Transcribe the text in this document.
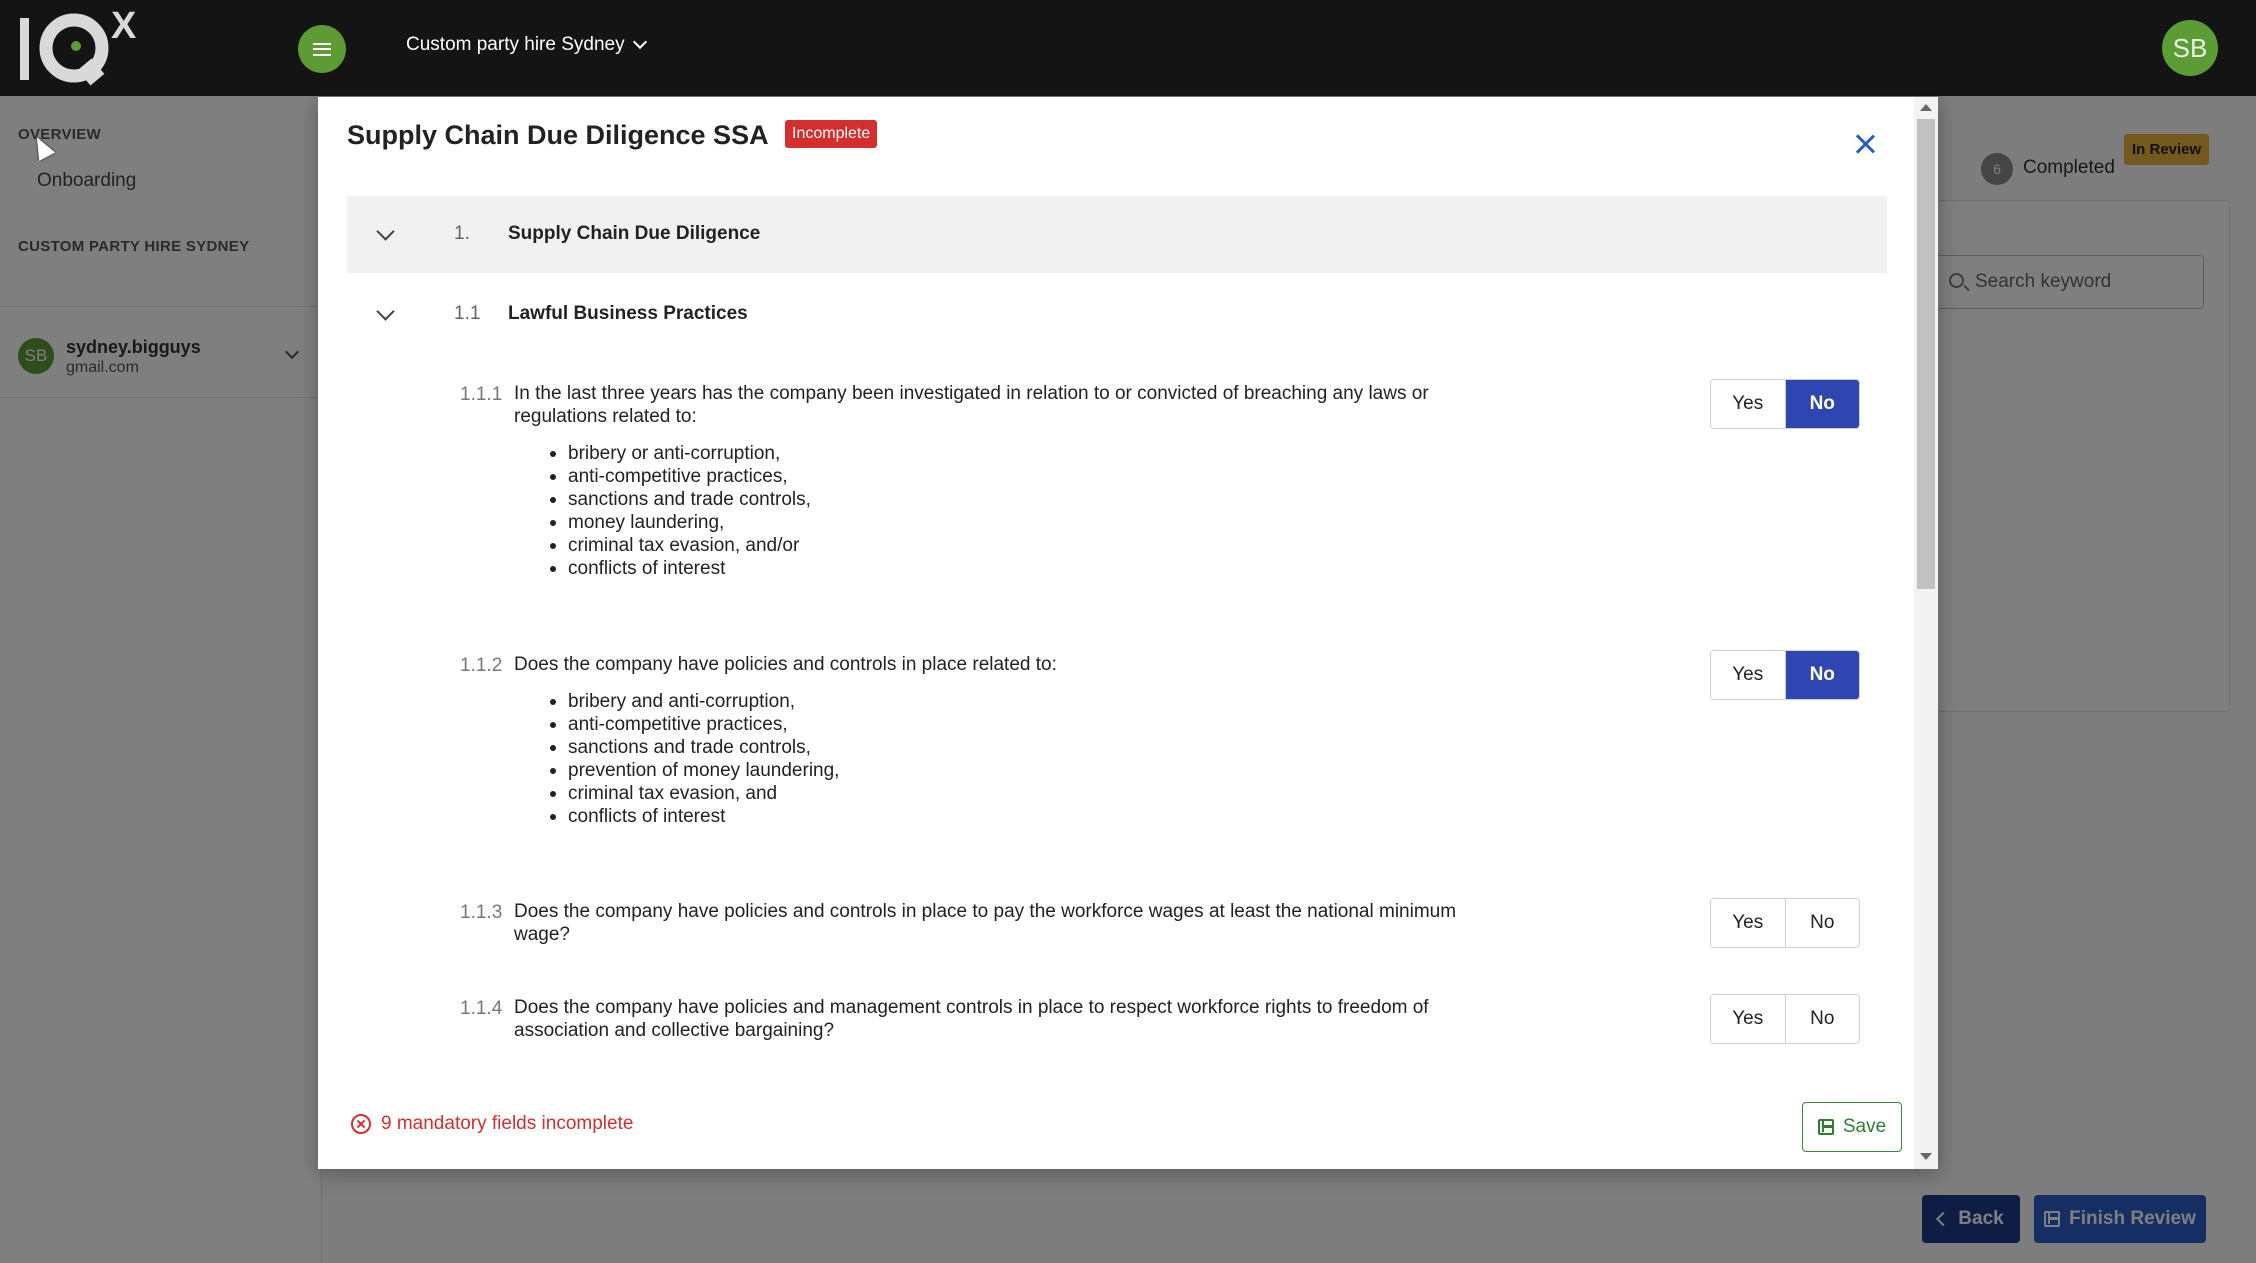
X	Custom party hire Sydney	SB
Search keyword
Supply Chain Due Diligence SSA	Incomplete
1. Supply Chain Due Diligence
1.1 Lawful Business Practices
1.1.1 In the last three years has the company been investigated in relation to or convicted of breaching any laws or regulations related to:
bribery or anti-corruption,
anti-competitive practices,
sanctions and trade controls,
money laundering,
criminal tax evasion, and/or
conflicts of interest
Yes	No
1.1.2 Does the company have policies and controls in place related to:
bribery and anti-corruption,
anti-competitive practices,
sanctions and trade controls,
prevention of money laundering,
criminal tax evasion, and
conflicts of interest
Yes	No
1.1.3 Does the company have policies and controls in place to pay the workforce wages at least the national minimum wage?
Yes	No
1.1.4 Does the company have policies and management controls in place to respect workforce rights to freedom of association and collective bargaining?
Yes	No
9 mandatory fields incomplete	Save
